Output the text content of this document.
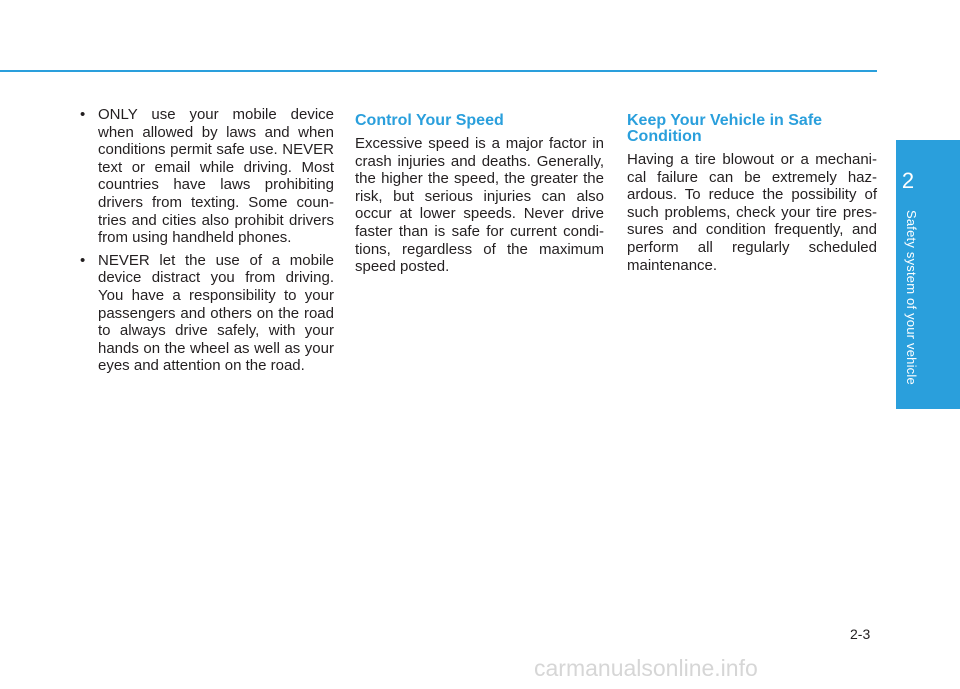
• ONLY use your mobile device when allowed by laws and when conditions permit safe use. NEVER text or email while driving. Most countries have laws prohibiting drivers from texting. Some coun-tries and cities also prohibit drivers from using handheld phones.
• NEVER let the use of a mobile device distract you from driving. You have a responsibility to your passengers and others on the road to always drive safely, with your hands on the wheel as well as your eyes and attention on the road.
Control Your Speed

Excessive speed is a major factor in crash injuries and deaths. Generally, the higher the speed, the greater the risk, but serious injuries can also occur at lower speeds. Never drive faster than is safe for current condi-tions, regardless of the maximum speed posted.

Keep Your Vehicle in Safe Condition

Having a tire blowout or a mechani-cal failure can be extremely haz-ardous. To reduce the possibility of such problems, check your tire pres-sures and condition frequently, and perform all regularly scheduled maintenance.

2
Safety system of your vehicle
2-3
carmanualsonline.info
